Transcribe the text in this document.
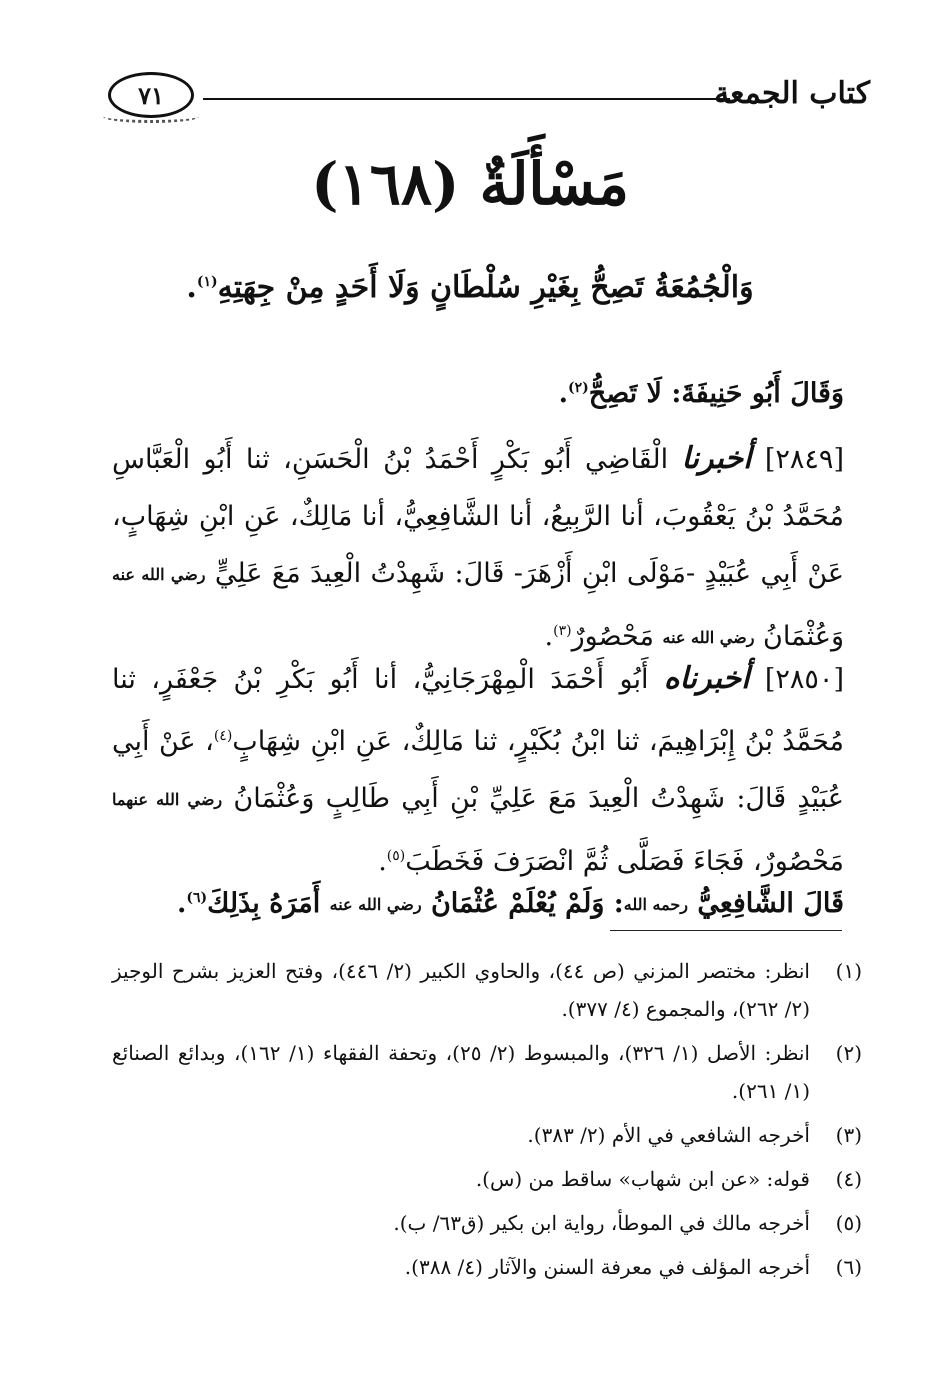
كتاب الجمعة
٧١
مَسْأَلَةٌ (١٦٨)
وَالْجُمُعَةُ تَصِحُّ بِغَيْرِ سُلْطَانٍ وَلَا أَحَدٍ مِنْ جِهَتِهِ$^{(١)}$.
وَقَالَ أَبُو حَنِيفَةَ: لَا تَصِحُّ$^{(٢)}$.
[٢٨٤٩] أخبرنا الْقَاضِي أَبُو بَكْرٍ أَحْمَدُ بْنُ الْحَسَنِ، ثنا أَبُو الْعَبَّاسِ مُحَمَّدُ بْنُ يَعْقُوبَ، أنا الرَّبِيعُ، أنا الشَّافِعِيُّ، أنا مَالِكٌ، عَنِ ابْنِ شِهَابٍ، عَنْ أَبِي عُبَيْدٍ -مَوْلَى ابْنِ أَزْهَرَ- قَالَ: شَهِدْتُ الْعِيدَ مَعَ عَلِيٍّ رضي الله عنه وَعُثْمَانُ رضي الله عنه مَحْصُورٌ$^{(٣)}$.
[٢٨٥٠] أخبرناه أَبُو أَحْمَدَ الْمِهْرَجَانِيُّ، أنا أَبُو بَكْرِ بْنُ جَعْفَرٍ، ثنا مُحَمَّدُ بْنُ إِبْرَاهِيمَ، ثنا ابْنُ بُكَيْرٍ، ثنا مَالِكٌ، عَنِ ابْنِ شِهَابٍ$^{(٤)}$، عَنْ أَبِي عُبَيْدٍ قَالَ: شَهِدْتُ الْعِيدَ مَعَ عَلِيِّ بْنِ أَبِي طَالِبٍ وَعُثْمَانُ رضي الله عنهما مَحْصُورٌ، فَجَاءَ فَصَلَّى ثُمَّ انْصَرَفَ فَخَطَبَ$^{(٥)}$.
قَالَ الشَّافِعِيُّ رحمه الله: وَلَمْ يُعْلَمْ عُثْمَانُ رضي الله عنه أَمَرَهُ بِذَلِكَ$^{(٦)}$.
(١)
انظر: مختصر المزني (ص ٤٤)، والحاوي الكبير (٢/ ٤٤٦)، وفتح العزيز بشرح الوجيز (٢/ ٢٦٢)، والمجموع (٤/ ٣٧٧).
(٢)
انظر: الأصل (١/ ٣٢٦)، والمبسوط (٢/ ٢٥)، وتحفة الفقهاء (١/ ١٦٢)، وبدائع الصنائع (١/ ٢٦١).
(٣)
أخرجه الشافعي في الأم (٢/ ٣٨٣).
(٤)
قوله: «عن ابن شهاب» ساقط من (س).
(٥)
أخرجه مالك في الموطأ، رواية ابن بكير (ق٦٣/ ب).
(٦)
أخرجه المؤلف في معرفة السنن والآثار (٤/ ٣٨٨).
